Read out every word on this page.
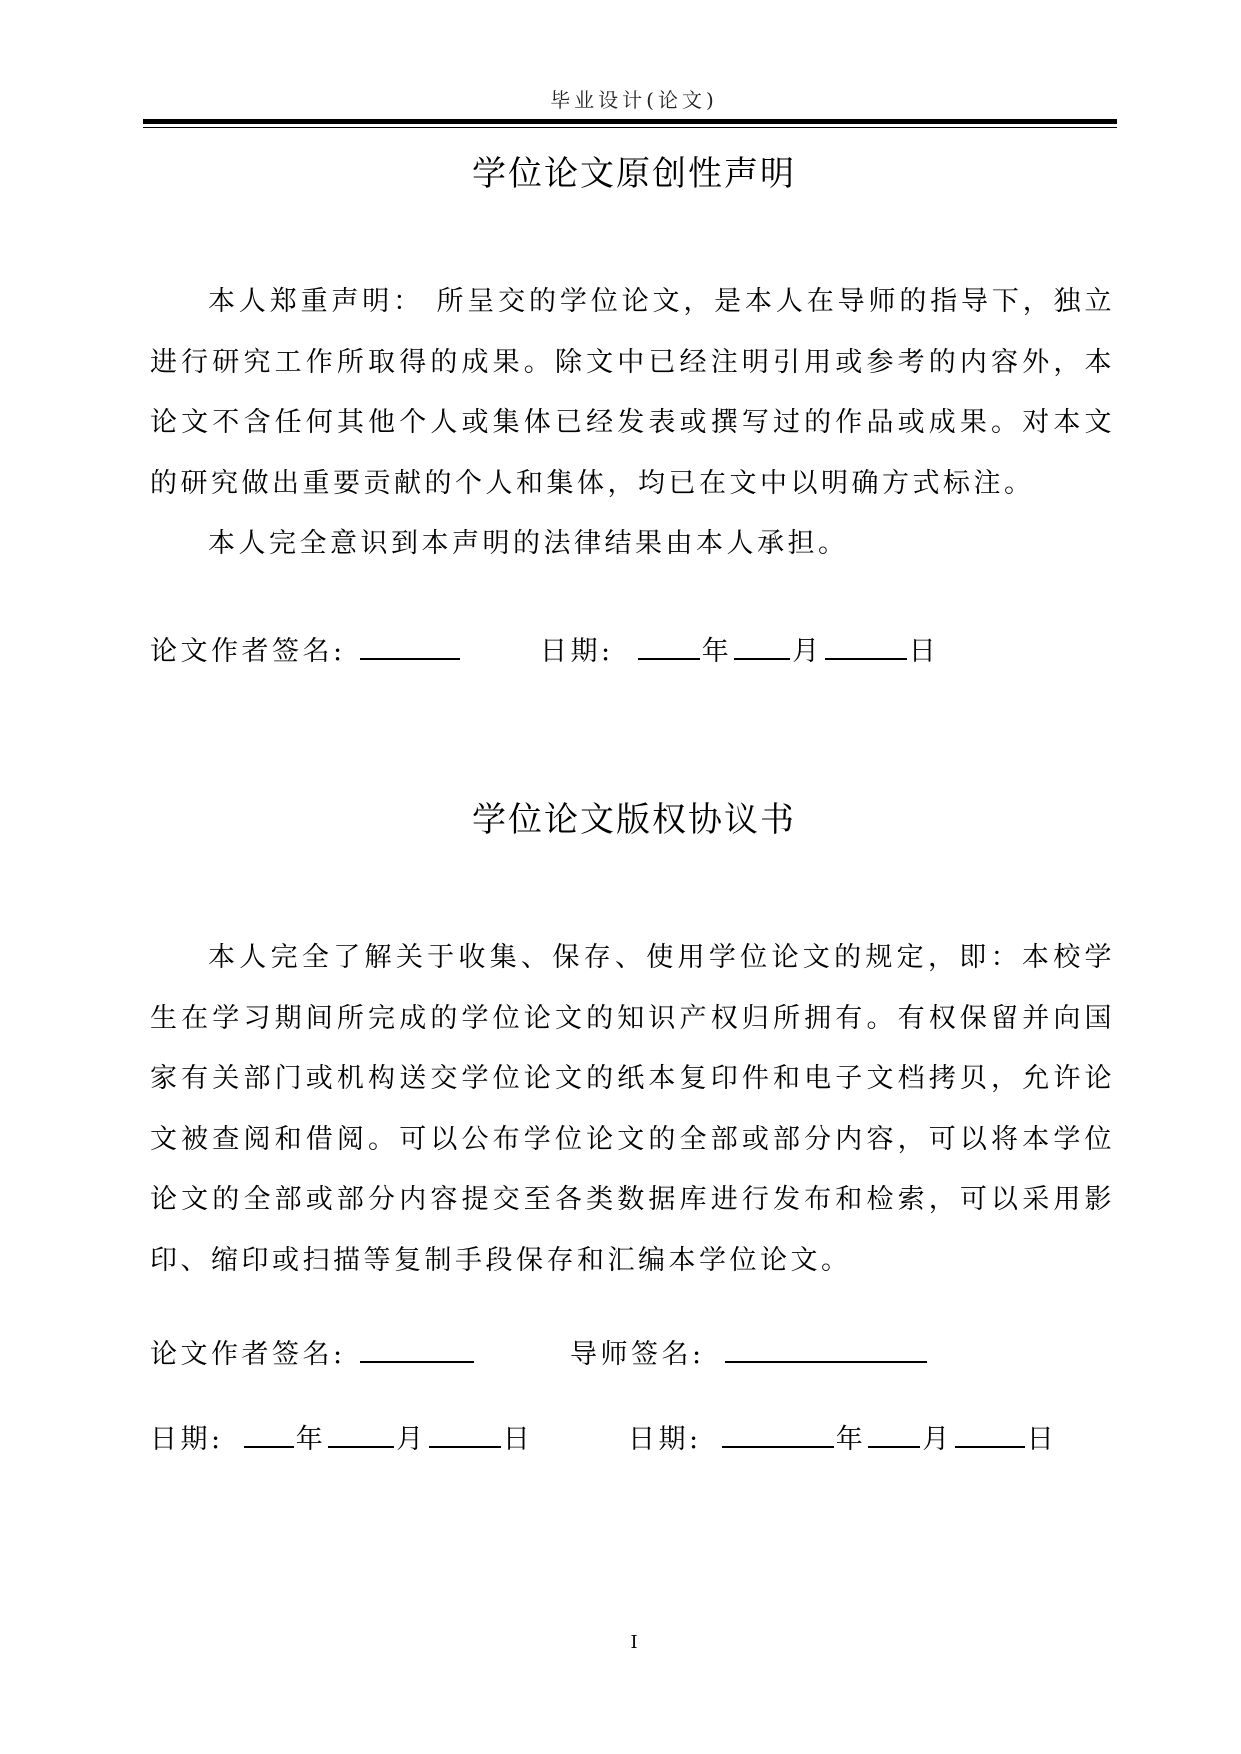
毕业设计(论文)
学位论文原创性声明

本人郑重声明： 所呈交的学位论文，是本人在导师的指导下，独立进行研究工作所取得的成果。除文中已经注明引用或参考的内容外，本论文不含任何其他个人或集体已经发表或撰写过的作品或成果。对本文的研究做出重要贡献的个人和集体，均已在文中以明确方式标注。

本人完全意识到本声明的法律结果由本人承担。

论文作者签名:	日期:	年 月	日
学位论文版权协议书

本人完全了解关于收集、保存、使用学位论文的规定，即：本校学生在学习期间所完成的学位论文的知识产权归所拥有。有权保留并向国家有关部门或机构送交学位论文的纸本复印件和电子文档拷贝，允许论文被查阅和借阅。可以公布学位论文的全部或部分内容，可以将本学位论文的全部或部分内容提交至各类数据库进行发布和检索，可以采用影印、缩印或扫描等复制手段保存和汇编本学位论文。

论文作者签名:	导师签名:
日期:	年	月	日	日期:	年 月	日
I
